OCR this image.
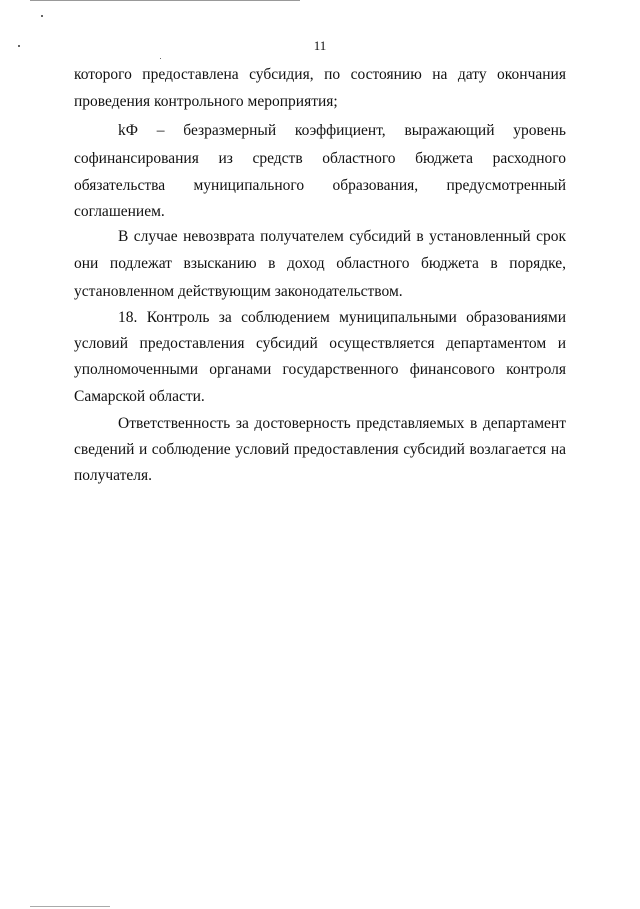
11
которого предоставлена субсидия, по состоянию на дату окончания
проведения контрольного мероприятия;
kФ – безразмерный коэффициент, выражающий уровень
софинансирования из средств областного бюджета расходного
обязательства муниципального образования, предусмотренный
соглашением.
В случае невозврата получателем субсидий в установленный срок
они подлежат взысканию в доход областного бюджета в порядке,
установленном действующим законодательством.
18. Контроль за соблюдением муниципальными образованиями
условий предоставления субсидий осуществляется департаментом и
уполномоченными органами государственного финансового контроля
Самарской области.
Ответственность за достоверность представляемых в департамент
сведений и соблюдение условий предоставления субсидий возлагается на
получателя.
